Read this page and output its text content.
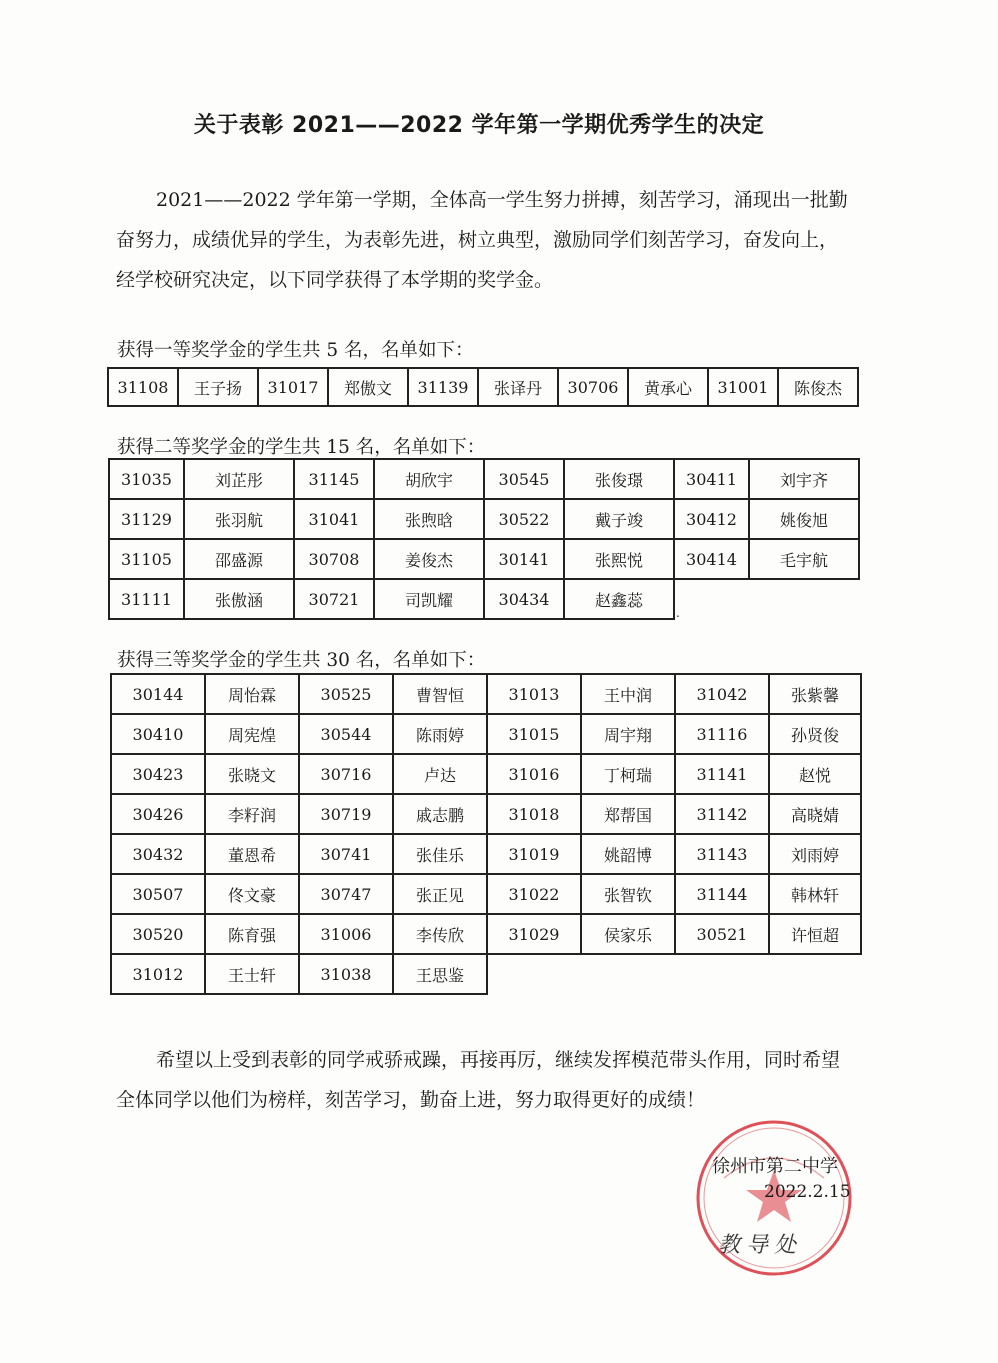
关于表彰 2021——2022 学年第一学期优秀学生的决定

2021——2022 学年第一学期，全体高一学生努力拼搏，刻苦学习，涌现出一批勤奋努力，成绩优异的学生，为表彰先进，树立典型，激励同学们刻苦学习，奋发向上，经学校研究决定，以下同学获得了本学期的奖学金。

获得一等奖学金的学生共 5 名，名单如下：
31108	王子扬	31017	郑傲文	31139	张译丹	30706	黄承心	31001	陈俊杰
获得二等奖学金的学生共 15 名，名单如下：
31035	刘芷彤	31145	胡欣宇	30545	张俊璟	30411	刘宇齐
31129	张羽航	31041	张煦晗	30522	戴子竣	30412	姚俊旭
31105	邵盛源	30708	姜俊杰	30141	张熙悦	30414	毛宇航
31111	张傲涵	30721	司凯耀	30434	赵鑫蕊		
获得三等奖学金的学生共 30 名，名单如下：
30144	周怡霖	30525	曹智恒	31013	王中润	31042	张紫馨
30410	周宪煌	30544	陈雨婷	31015	周宇翔	31116	孙贤俊
30423	张晓文	30716	卢达	31016	丁柯瑞	31141	赵悦
30426	李籽润	30719	戚志鹏	31018	郑帮国	31142	高晓婧
30432	董恩希	30741	张佳乐	31019	姚韶博	31143	刘雨婷
30507	佟文豪	30747	张正见	31022	张智钦	31144	韩林轩
30520	陈育强	31006	李传欣	31029	侯家乐	30521	许恒超
31012	王士轩	31038	王思鉴				
.

希望以上受到表彰的同学戒骄戒躁，再接再厉，继续发挥模范带头作用，同时希望全体同学以他们为榜样，刻苦学习，勤奋上进，努力取得更好的成绩！

徐州市第二中学
2022.2.15
教导处
